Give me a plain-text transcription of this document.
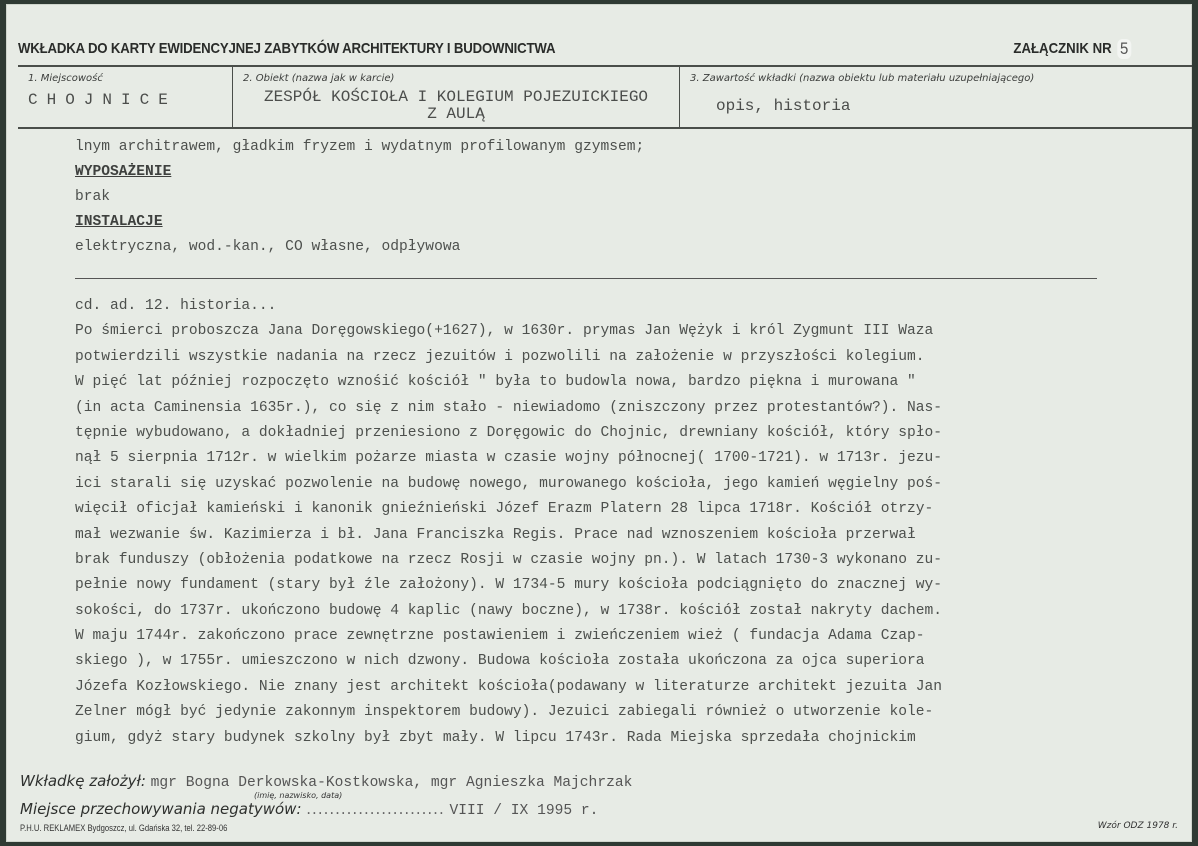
WKŁADKA DO KARTY EWIDENCYJNEJ ZABYTKÓW ARCHITEKTURY I BUDOWNICTWA	ZAŁĄCZNIK NR 5
1. Miejscowość
CHOJNICE
2. Obiekt (nazwa jak w karcie)
ZESPÓŁ KOŚCIOŁA I KOLEGIUM POJEZUICKIEGO
Z AULĄ
3. Zawartość wkładki (nazwa obiektu lub materiału uzupełniającego)
opis, historia
lnym architrawem, gładkim fryzem i wydatnym profilowanym gzymsem;
WYPOSAŻENIE
brak
INSTALACJE
elektryczna, wod.-kan., CO własne, odpływowa
cd. ad. 12. historia...
Po śmierci proboszcza Jana Doręgowskiego(+1627), w 1630r. prymas Jan Wężyk i król Zygmunt III Waza
potwierdzili wszystkie nadania na rzecz jezuitów i pozwolili na założenie w przyszłości kolegium.
W pięć lat później rozpoczęto wznośić kościół " była to budowla nowa, bardzo piękna i murowana "
(in acta Caminensia 1635r.), co się z nim stało - niewiadomo (zniszczony przez protestantów?). Nas-
tępnie wybudowano, a dokładniej przeniesiono z Doręgowic do Chojnic, drewniany kościół, który spło-
nął 5 sierpnia 1712r. w wielkim pożarze miasta w czasie wojny północnej( 1700-1721). w 1713r. jezu-
ici starali się uzyskać pozwolenie na budowę nowego, murowanego kościoła, jego kamień węgielny poś-
więcił oficjał kamieński i kanonik gnieźnieński Józef Erazm Platern 28 lipca 1718r. Kościół otrzy-
mał wezwanie św. Kazimierza i bł. Jana Franciszka Regis. Prace nad wznoszeniem kościoła przerwał
brak funduszy (obłożenia podatkowe na rzecz Rosji w czasie wojny pn.). W latach 1730-3 wykonano zu-
pełnie nowy fundament (stary był źle założony). W 1734-5 mury kościoła podciągnięto do znacznej wy-
sokości, do 1737r. ukończono budowę 4 kaplic (nawy boczne), w 1738r. kościół został nakryty dachem.
W maju 1744r. zakończono prace zewnętrzne postawieniem i zwieńczeniem wież ( fundacja Adama Czap-
skiego ), w 1755r. umieszczono w nich dzwony. Budowa kościoła została ukończona za ojca superiora
Józefa Kozłowskiego. Nie znany jest architekt kościoła(podawany w literaturze architekt jezuita Jan
Zelner mógł być jedynie zakonnym inspektorem budowy). Jezuici zabiegali również o utworzenie kole-
gium, gdyż stary budynek szkolny był zbyt mały. W lipcu 1743r. Rada Miejska sprzedała chojnickim
Wkładkę założył: mgr Bogna Derkowska-Kostkowska, mgr Agnieszka Majchrzak
(imię, nazwisko, data)
Miejsce przechowywania negatywów: ........................ VIII / IX 1995 r.
P.H.U. REKLAMEX Bydgoszcz, ul. Gdańska 32, tel. 22-89-06	Wzór ODZ 1978 r.
